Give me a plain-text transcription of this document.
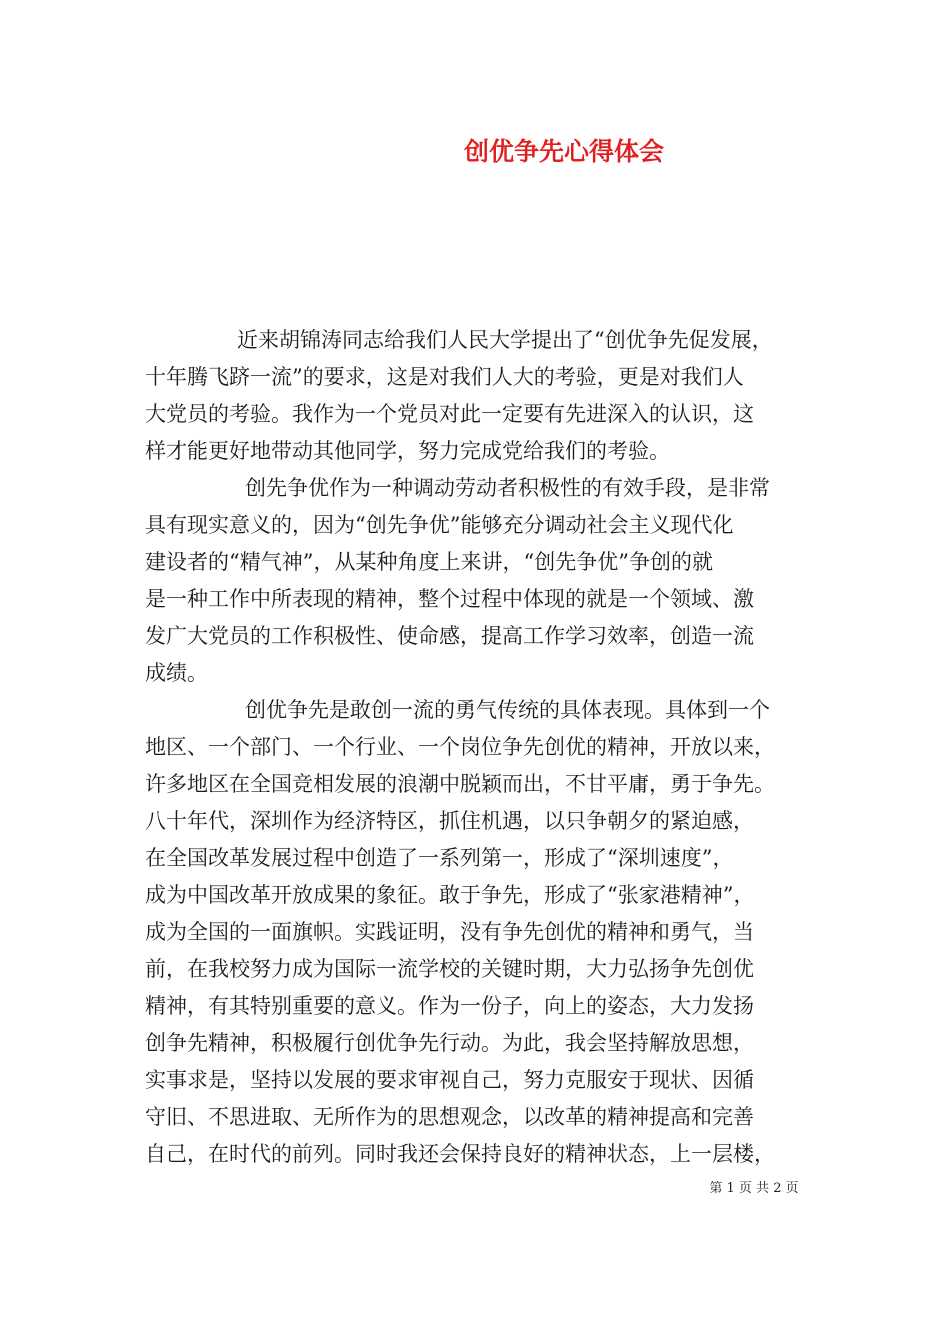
创优争先心得体会
近来胡锦涛同志给我们人民大学提出了“创优争先促发展，
十年腾飞跻一流”的要求，这是对我们人大的考验，更是对我们人
大党员的考验。我作为一个党员对此一定要有先进深入的认识，这
样才能更好地带动其他同学，努力完成党给我们的考验。
创先争优作为一种调动劳动者积极性的有效手段，是非常
具有现实意义的，因为“创先争优”能够充分调动社会主义现代化
建设者的“精气神”，从某种角度上来讲，“创先争优”争创的就
是一种工作中所表现的精神，整个过程中体现的就是一个领域、激
发广大党员的工作积极性、使命感，提高工作学习效率，创造一流
成绩。
创优争先是敢创一流的勇气传统的具体表现。具体到一个
地区、一个部门、一个行业、一个岗位争先创优的精神，开放以来，
许多地区在全国竞相发展的浪潮中脱颖而出，不甘平庸，勇于争先。
八十年代，深圳作为经济特区，抓住机遇，以只争朝夕的紧迫感，
在全国改革发展过程中创造了一系列第一，形成了“深圳速度”，
成为中国改革开放成果的象征。敢于争先，形成了“张家港精神”，
成为全国的一面旗帜。实践证明，没有争先创优的精神和勇气，当
前，在我校努力成为国际一流学校的关键时期，大力弘扬争先创优
精神，有其特别重要的意义。作为一份子，向上的姿态，大力发扬
创争先精神，积极履行创优争先行动。为此，我会坚持解放思想，
实事求是，坚持以发展的要求审视自己，努力克服安于现状、因循
守旧、不思进取、无所作为的思想观念，以改革的精神提高和完善
自己，在时代的前列。同时我还会保持良好的精神状态，上一层楼，
第 1 页 共 2 页
